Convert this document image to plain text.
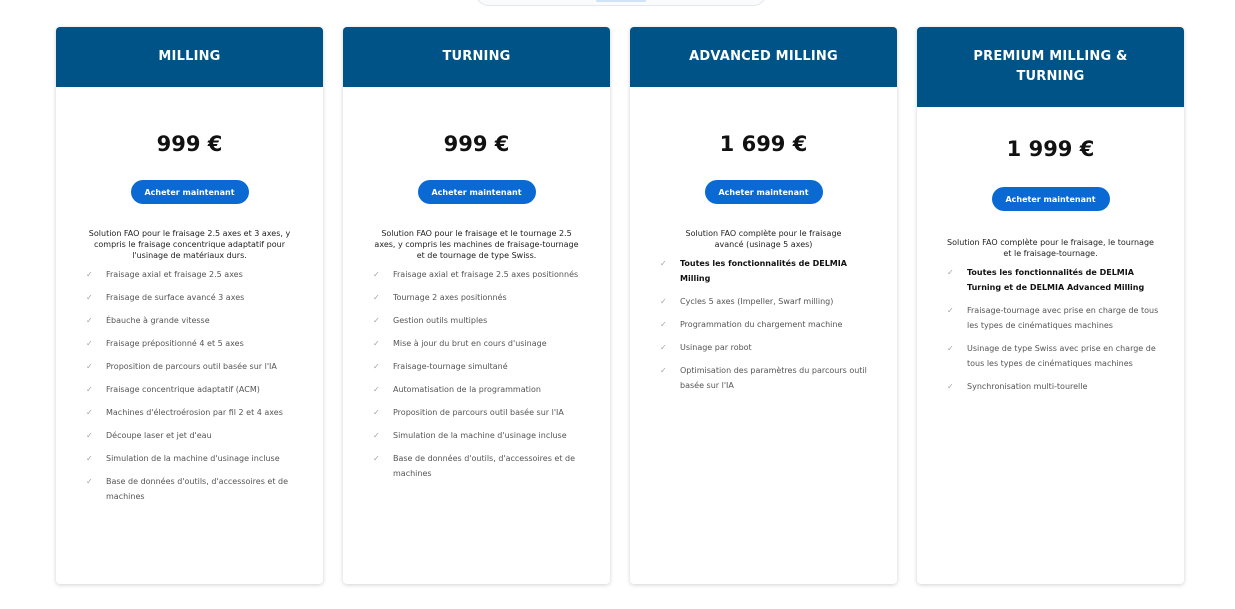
MILLING
999 €
Acheter maintenant
Solution FAO pour le fraisage 2.5 axes et 3 axes, y compris le fraisage concentrique adaptatif pour l'usinage de matériaux durs.
✓ Fraisage axial et fraisage 2.5 axes
✓ Fraisage de surface avancé 3 axes
✓ Ébauche à grande vitesse
✓ Fraisage prépositionné 4 et 5 axes
✓ Proposition de parcours outil basée sur l'IA
✓ Fraisage concentrique adaptatif (ACM)
✓ Machines d'électroérosion par fil 2 et 4 axes
✓ Découpe laser et jet d'eau
✓ Simulation de la machine d'usinage incluse
✓ Base de données d'outils, d'accessoires et de machines
TURNING
999 €
Acheter maintenant
Solution FAO pour le fraisage et le tournage 2.5 axes, y compris les machines de fraisage-tournage et de tournage de type Swiss.
✓ Fraisage axial et fraisage 2.5 axes positionnés
✓ Tournage 2 axes positionnés
✓ Gestion outils multiples
✓ Mise à jour du brut en cours d'usinage
✓ Fraisage-tournage simultané
✓ Automatisation de la programmation
✓ Proposition de parcours outil basée sur l'IA
✓ Simulation de la machine d'usinage incluse
✓ Base de données d'outils, d'accessoires et de machines
ADVANCED MILLING
1 699 €
Acheter maintenant
Solution FAO complète pour le fraisage avancé (usinage 5 axes)
✓ Toutes les fonctionnalités de DELMIA Milling
✓ Cycles 5 axes (Impeller, Swarf milling)
✓ Programmation du chargement machine
✓ Usinage par robot
✓ Optimisation des paramètres du parcours outil basée sur l'IA
PREMIUM MILLING & TURNING
1 999 €
Acheter maintenant
Solution FAO complète pour le fraisage, le tournage et le fraisage-tournage.
✓ Toutes les fonctionnalités de DELMIA Turning et de DELMIA Advanced Milling
✓ Fraisage-tournage avec prise en charge de tous les types de cinématiques machines
✓ Usinage de type Swiss avec prise en charge de tous les types de cinématiques machines
✓ Synchronisation multi-tourelle
